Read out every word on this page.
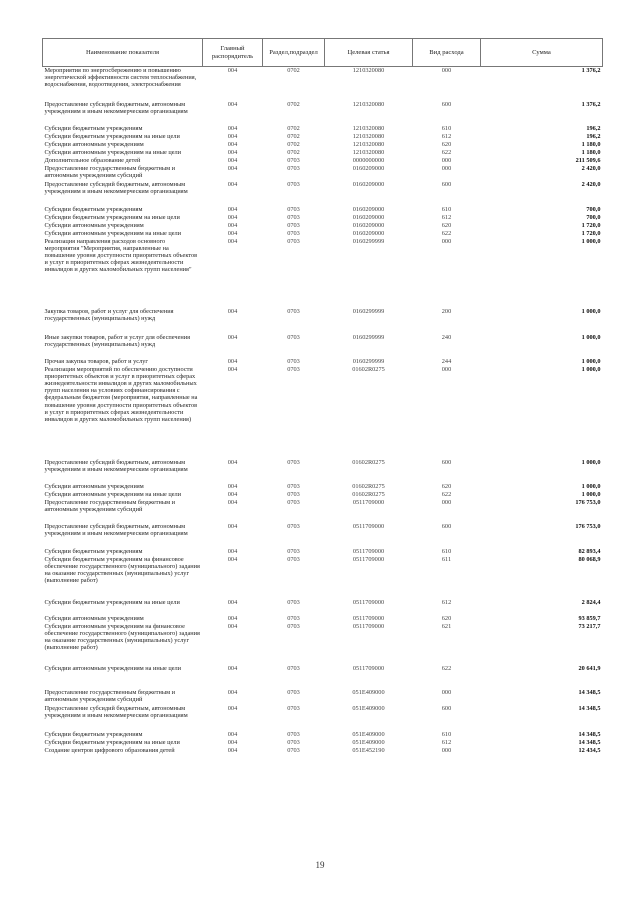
Наименование показателя	Главный распорядитель	Раздел,подраздел	Целевая статья	Вид расхода	Сумма

Мероприятия по энергосбережению и повышению энергетической эффективности систем теплоснабжения, водоснабжения, водоотведения, электроснабжения	004	0702	1210320080	000	1 376,2

Предоставление субсидий бюджетным, автономным учреждениям и иным некоммерческим организациям	004	0702	1210320080	600	1 376,2

Субсидии бюджетным учреждениям	004	0702	1210320080	610	196,2

Субсидии бюджетным учреждениям на иные цели	004	0702	1210320080	612	196,2

Субсидии автономным учреждениям	004	0702	1210320080	620	1 180,0

Субсидии автономным учреждениям на иные цели	004	0702	1210320080	622	1 180,0

Дополнительное образование детей	004	0703	0000000000	000	211 509,6

Предоставление государственным бюджетным и автономным учреждениям субсидий	004	0703	0160209000	000	2 420,0

Предоставление субсидий бюджетным, автономным учреждениям и иным некоммерческим организациям	004	0703	0160209000	600	2 420,0

Субсидии бюджетным учреждениям	004	0703	0160209000	610	700,0

Субсидии бюджетным учреждениям на иные цели	004	0703	0160209000	612	700,0

Субсидии автономным учреждениям	004	0703	0160209000	620	1 720,0

Субсидии автономным учреждениям на иные цели	004	0703	0160209000	622	1 720,0

Реализация направления расходов основного мероприятия "Мероприятия, направленные на повышение уровня доступности приоритетных объектов и услуг в приоритетных сферах жизнедеятельности инвалидов и других маломобильных групп населения"	004	0703	0160299999	000	1 000,0

Закупка товаров, работ и услуг для обеспечения государственных (муниципальных) нужд	004	0703	0160299999	200	1 000,0

Иные закупки товаров, работ и услуг для обеспечения государственных (муниципальных) нужд	004	0703	0160299999	240	1 000,0

Прочая закупка товаров, работ и услуг	004	0703	0160299999	244	1 000,0

Реализация мероприятий по обеспечению доступности приоритетных объектов и услуг в приоритетных сферах жизнедеятельности инвалидов и других маломобильных групп населения на условиях софинансирования с федеральным бюджетом (мероприятия, направленные на повышение уровня доступности приоритетных объектов и услуг в приоритетных сферах жизнедеятельности инвалидов и других маломобильных групп населения)	004	0703	01602R0275	000	1 000,0

Предоставление субсидий бюджетным, автономным учреждениям и иным некоммерческим организациям	004	0703	01602R0275	600	1 000,0

Субсидии автономным учреждениям	004	0703	01602R0275	620	1 000,0

Субсидии автономным учреждениям на иные цели	004	0703	01602R0275	622	1 000,0

Предоставление государственным бюджетным и автономным учреждениям субсидий	004	0703	0511709000	000	176 753,0

Предоставление субсидий бюджетным, автономным учреждениям и иным некоммерческим организациям	004	0703	0511709000	600	176 753,0

Субсидии бюджетным учреждениям	004	0703	0511709000	610	82 893,4

Субсидии бюджетным учреждениям на финансовое обеспечение государственного (муниципального) задания на оказание государственных (муниципальных) услуг (выполнение работ)	004	0703	0511709000	611	80 068,9

Субсидии бюджетным учреждениям на иные цели	004	0703	0511709000	612	2 824,4

Субсидии автономным учреждениям	004	0703	0511709000	620	93 859,7

Субсидии автономным учреждениям на финансовое обеспечение государственного (муниципального) задания на оказание государственных (муниципальных) услуг (выполнение работ)	004	0703	0511709000	621	73 217,7

Субсидии автономным учреждениям на иные цели	004	0703	0511709000	622	20 641,9

Предоставление государственным бюджетным и автономным учреждениям субсидий	004	0703	051E409000	000	14 348,5

Предоставление субсидий бюджетным, автономным учреждениям и иным некоммерческим организациям	004	0703	051E409000	600	14 348,5

Субсидии бюджетным учреждениям	004	0703	051E409000	610	14 348,5

Субсидии бюджетным учреждениям на иные цели	004	0703	051E409000	612	14 348,5

Создание центров цифрового образования детей	004	0703	051E452190	000	12 434,5
19
